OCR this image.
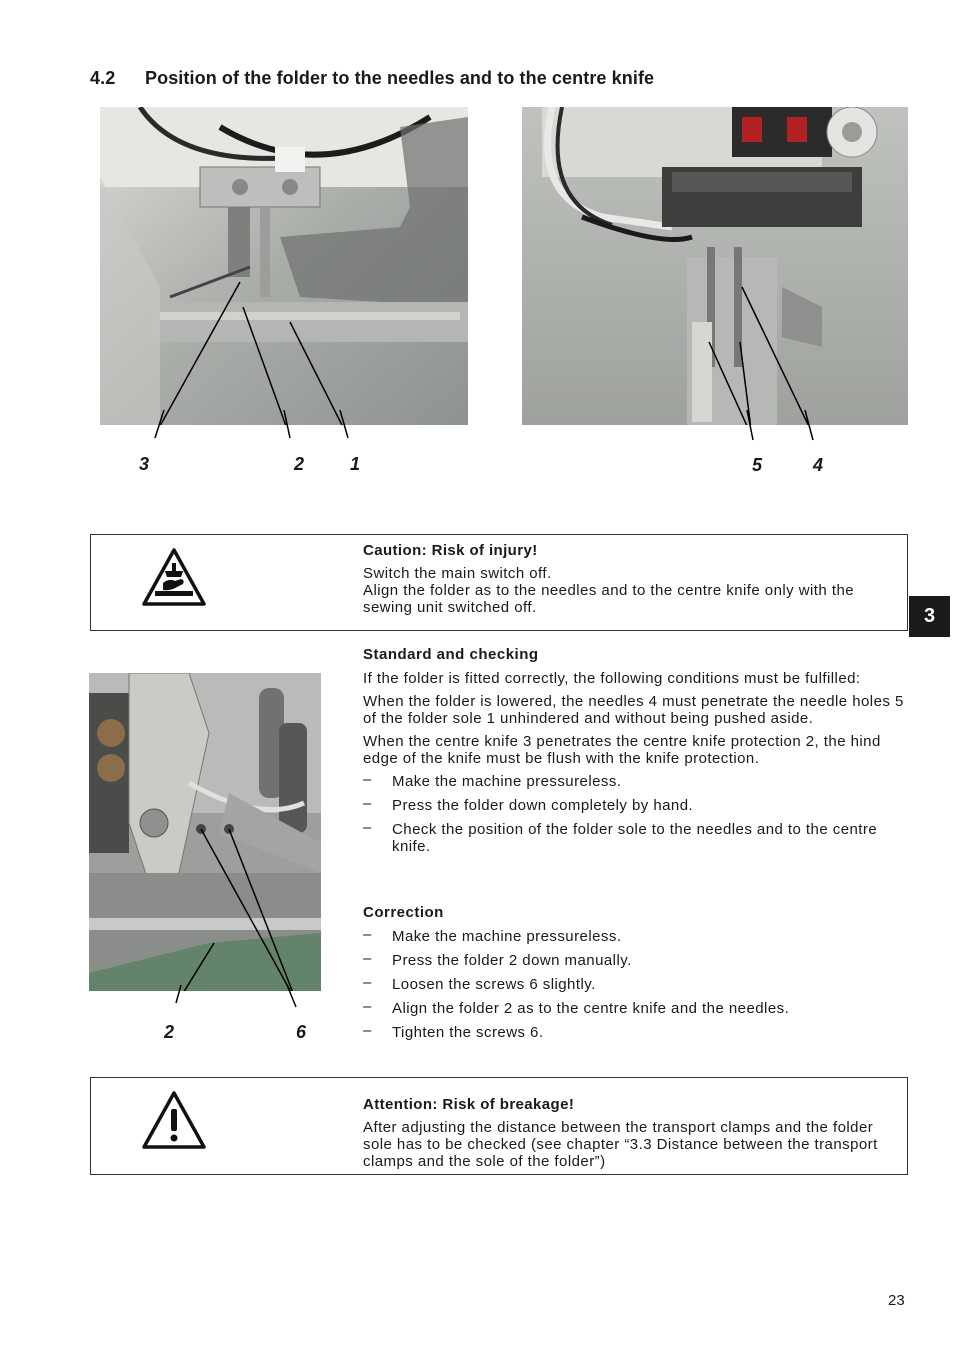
4.2 Position of the folder to the needles and to the centre knife
3	2	1	5	4
Caution: Risk of injury!
Switch the main switch off.
Align the folder as to the needles and to the centre knife only with the sewing unit switched off.	3
2	6
Standard and checking

If the folder is fitted correctly, the following conditions must be fulfilled:

When the folder is lowered, the needles 4 must penetrate the needle holes 5 of the folder sole 1 unhindered and without being pushed aside.

When the centre knife 3 penetrates the centre knife protection 2, the hind edge of the knife must be flush with the knife protection.

– Make the machine pressureless.
– Press the folder down completely by hand.
– Check the position of the folder sole to the needles and to the centre knife.
Correction
– Make the machine pressureless.
– Press the folder 2 down manually.
– Loosen the screws 6 slightly.
– Align the folder 2 as to the centre knife and the needles.
– Tighten the screws 6.
Attention: Risk of breakage!
After adjusting the distance between the transport clamps and the folder sole has to be checked (see chapter “3.3 Distance between the transport clamps and the sole of the folder”)
23
